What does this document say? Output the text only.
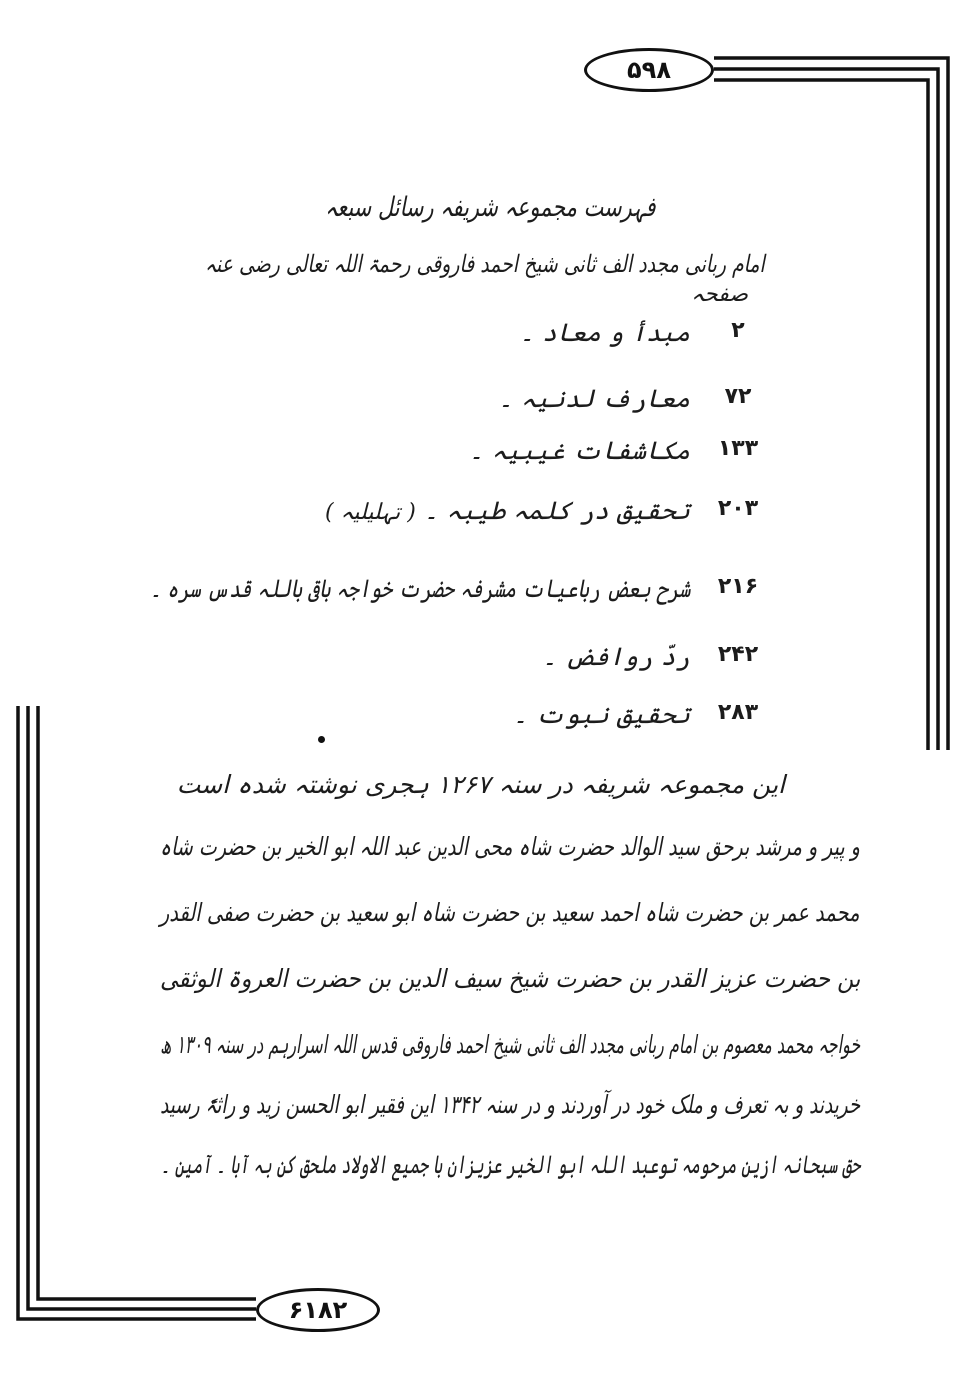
۵۹۸
۶۱۸۲
فہرست مجموعہ شریفہ رسائل سبعہ
امام ربانی مجدد الف ثانی شیخ احمد فاروقی رحمۃ اللہ تعالی رضی عنہ
صفحہ
۲
مبدأ و معاد ۔
۷۲
معارف لدنیہ ۔
۱۳۳
مکاشفات غیبیہ ۔
۲۰۳
تحقیق در کلمہ طیبہ ۔ ( تہلیلیہ )
۲۱۶
شرح بعض رباعیات مشرفہ حضرت خواجہ باقی باللہ قدس سرہ ۔
۲۴۲
ردّ روافض ۔
۲۸۳
تحقیق نبوت ۔
این مجموعہ شریفہ در سنہ ۱۲۶۷ ہجری نوشتہ شدہ است
و پیر و مرشد برحق سید الوالد حضرت شاہ محی الدین عبد اللہ ابو الخیر بن حضرت شاہ
محمد عمر بن حضرت شاہ احمد سعید بن حضرت شاہ ابو سعید بن حضرت صفی القدر
بن حضرت عزیز القدر بن حضرت شیخ سیف الدین بن حضرت العروۃ الوثقی
خواجہ محمد معصوم بن امام ربانی مجدد الف ثانی شیخ احمد فاروقی قدس اللہ اسرارہم در سنہ ۱۳۰۹ ھ
خریدند و بہ تعرف و ملک خود در آوردند و در سنہ ۱۳۴۲ این فقیر ابو الحسن زید و راثۃً رسید
حق سبحانہ ازین مرحومہ توعبد اللہ ابو الخیر عزیزان با جمیع الاولاد ملحق کن بہ آبا ۔ آمین ۔
